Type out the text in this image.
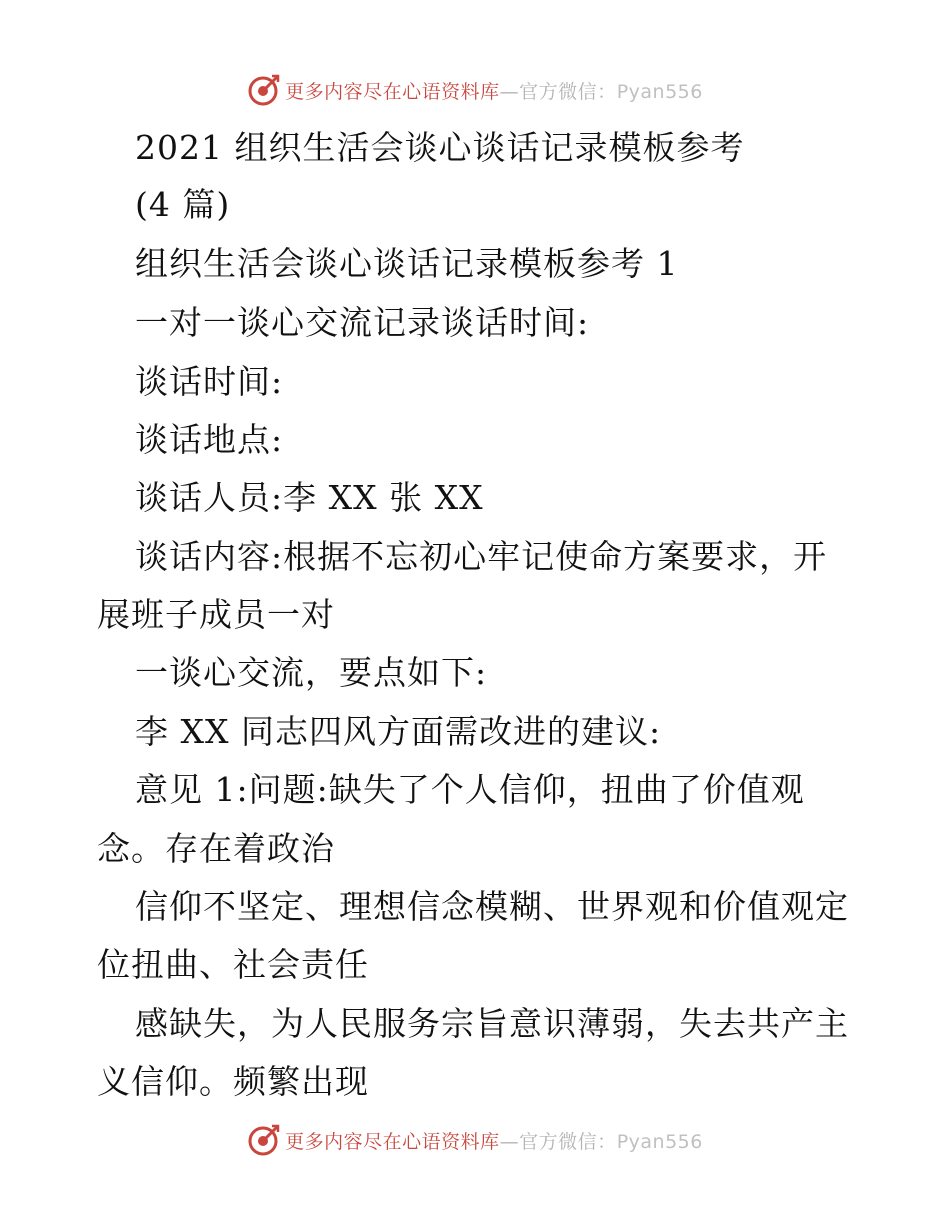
更多内容尽在心语资料库—官方微信：Pyan556
2021 组织生活会谈心谈话记录模板参考
(4 篇)
组织生活会谈心谈话记录模板参考 1
一对一谈心交流记录谈话时间:
谈话时间:
谈话地点:
谈话人员:李 XX 张 XX
谈话内容:根据不忘初心牢记使命方案要求，开
展班子成员一对
一谈心交流，要点如下:
李 XX 同志四风方面需改进的建议:
意见 1:问题:缺失了个人信仰，扭曲了价值观
念。存在着政治
信仰不坚定、理想信念模糊、世界观和价值观定
位扭曲、社会责任
感缺失，为人民服务宗旨意识薄弱，失去共产主
义信仰。频繁出现
更多内容尽在心语资料库—官方微信：Pyan556
